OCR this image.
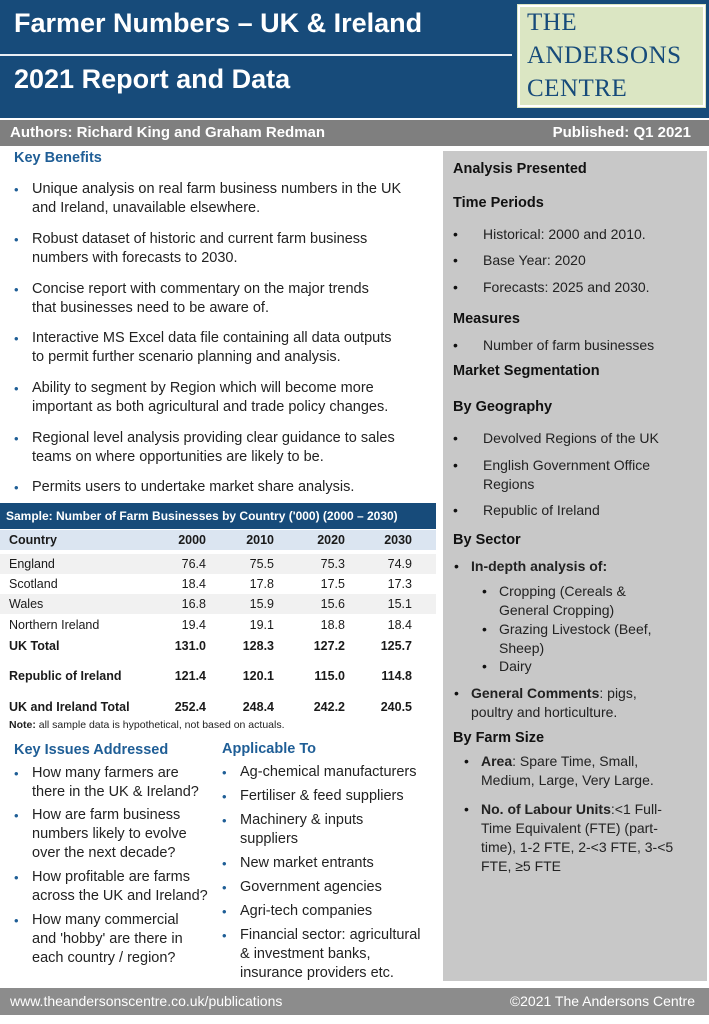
Farmer Numbers – UK & Ireland
2021 Report and Data
THE
ANDERSONS
CENTRE
Authors: Richard King and Graham Redman	Published: Q1 2021
Key Benefits
• Unique analysis on real farm business numbers in the UK
and Ireland, unavailable elsewhere.
• Robust dataset of historic and current farm business
numbers with forecasts to 2030.
• Concise report with commentary on the major trends
that businesses need to be aware of.
• Interactive MS Excel data file containing all data outputs
to permit further scenario planning and analysis.
• Ability to segment by Region which will become more
important as both agricultural and trade policy changes.
• Regional level analysis providing clear guidance to sales
teams on where opportunities are likely to be.
• Permits users to undertake market share analysis.
Sample: Number of Farm Businesses by Country ('000) (2000 – 2030)
Country	2000	2010	2020	2030
England	76.4	75.5	75.3	74.9
Scotland	18.4	17.8	17.5	17.3
Wales	16.8	15.9	15.6	15.1
Northern Ireland	19.4	19.1	18.8	18.4
UK Total	131.0	128.3	127.2	125.7
Republic of Ireland	121.4	120.1	115.0	114.8
UK and Ireland Total	252.4	248.4	242.2	240.5
Note: all sample data is hypothetical, not based on actuals.
Key Issues Addressed
• How many farmers are
there in the UK & Ireland?
• How are farm business
numbers likely to evolve
over the next decade?
• How profitable are farms
across the UK and Ireland?
• How many commercial
and 'hobby' are there in
each country / region?
Applicable To
• Ag-chemical manufacturers
• Fertiliser & feed suppliers
• Machinery & inputs
suppliers
• New market entrants
• Government agencies
• Agri-tech companies
• Financial sector: agricultural
& investment banks,
insurance providers etc.
Analysis Presented
Time Periods
Measures
Market Segmentation
By Geography
By Sector
By Farm Size
• Historical: 2000 and 2010.
• Base Year: 2020
• Forecasts: 2025 and 2030.
• Number of farm businesses
• Devolved Regions of the UK
• English Government Office
Regions
• Republic of Ireland
• In-depth analysis of:
• Cropping (Cereals &
General Cropping)
• Grazing Livestock (Beef,
Sheep)
• Dairy
• General Comments: pigs,
poultry and horticulture.
• Area: Spare Time, Small,
Medium, Large, Very Large.
• No. of Labour Units:<1 Full-
Time Equivalent (FTE) (part-
time), 1-2 FTE, 2-<3 FTE, 3-<5
FTE, ≥5 FTE
www.theandersonscentre.co.uk/publications	©2021 The Andersons Centre
